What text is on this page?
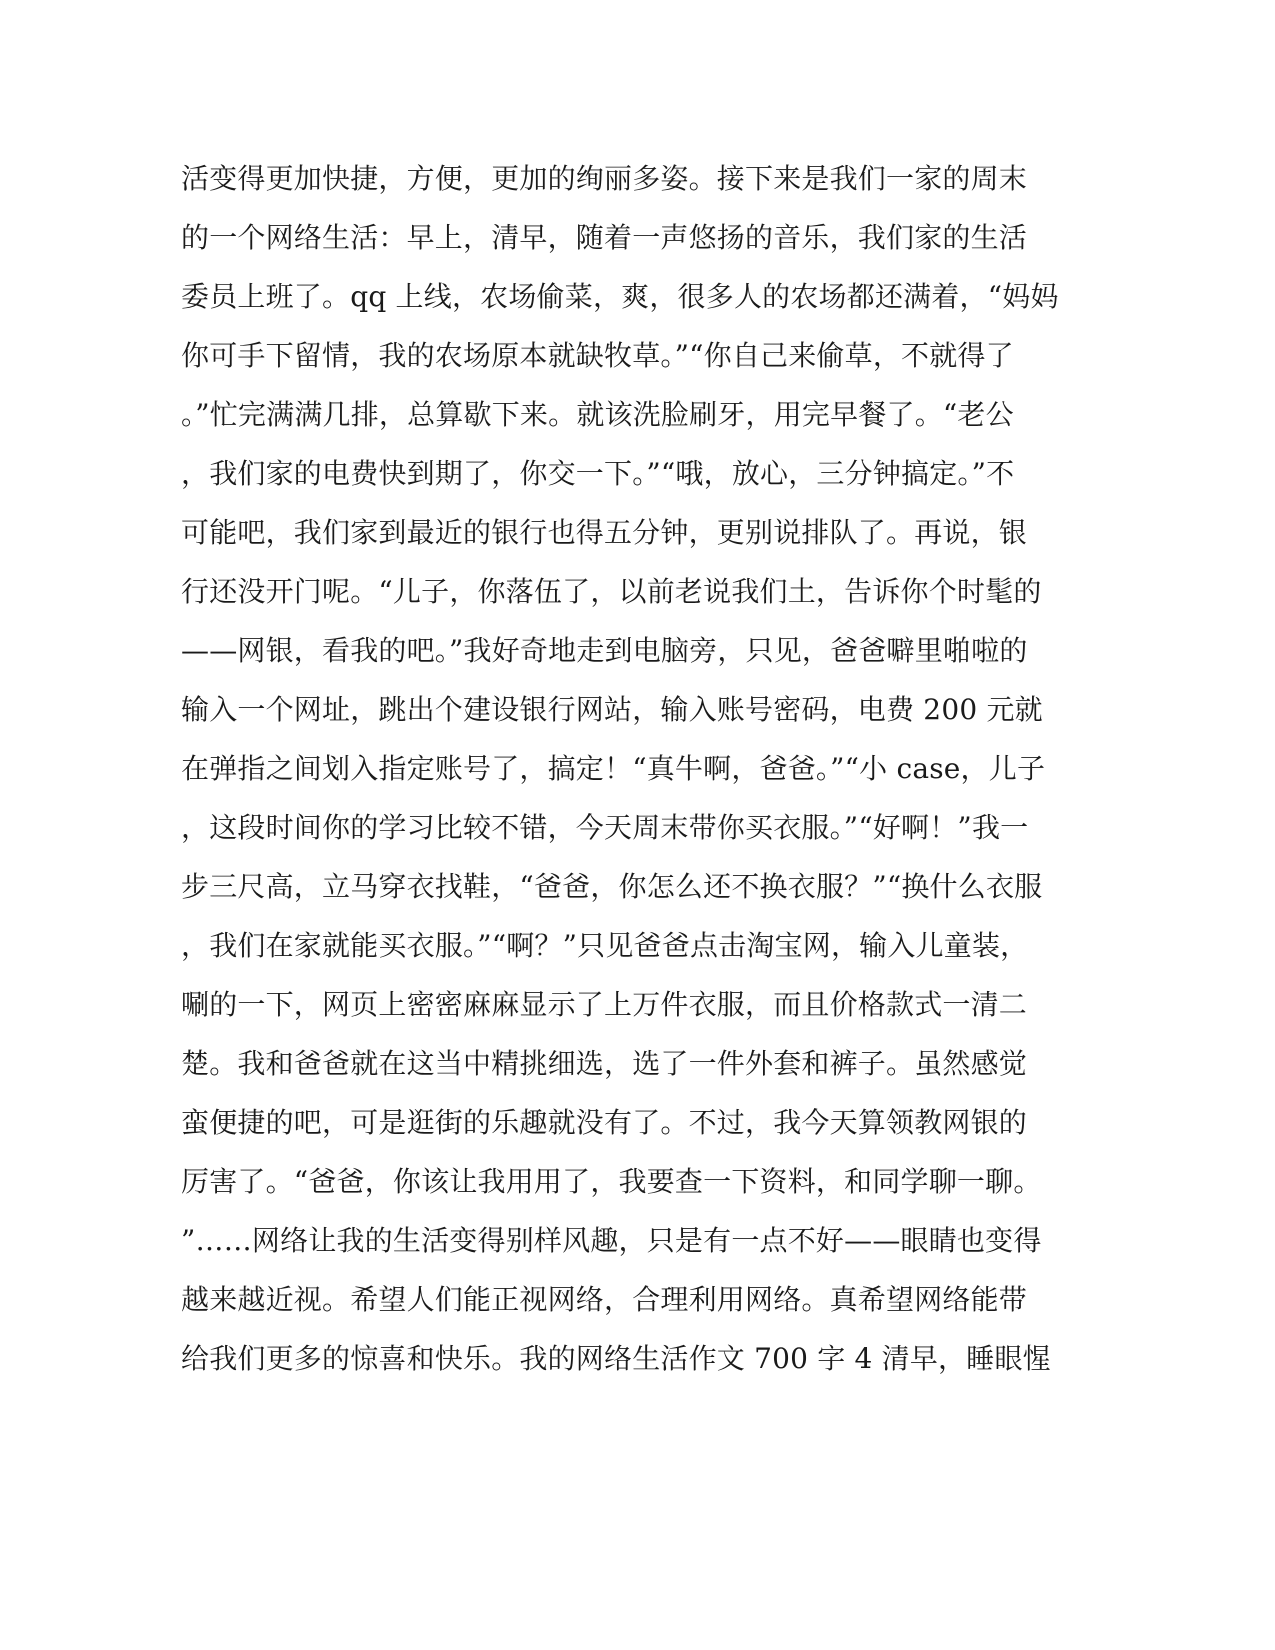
活变得更加快捷，方便，更加的绚丽多姿。接下来是我们一家的周末
的一个网络生活：早上，清早，随着一声悠扬的音乐，我们家的生活
委员上班了。qq 上线，农场偷菜，爽，很多人的农场都还满着，“妈妈
你可手下留情，我的农场原本就缺牧草。”“你自己来偷草，不就得了
。”忙完满满几排，总算歇下来。就该洗脸刷牙，用完早餐了。“老公
，我们家的电费快到期了，你交一下。”“哦，放心，三分钟搞定。”不
可能吧，我们家到最近的银行也得五分钟，更别说排队了。再说，银
行还没开门呢。“儿子，你落伍了，以前老说我们土，告诉你个时髦的
——网银，看我的吧。”我好奇地走到电脑旁，只见，爸爸噼里啪啦的
输入一个网址，跳出个建设银行网站，输入账号密码，电费 200 元就
在弹指之间划入指定账号了，搞定！“真牛啊，爸爸。”“小 case，儿子
，这段时间你的学习比较不错，今天周末带你买衣服。”“好啊！”我一
步三尺高，立马穿衣找鞋，“爸爸，你怎么还不换衣服？”“换什么衣服
，我们在家就能买衣服。”“啊？”只见爸爸点击淘宝网，输入儿童装，
唰的一下，网页上密密麻麻显示了上万件衣服，而且价格款式一清二
楚。我和爸爸就在这当中精挑细选，选了一件外套和裤子。虽然感觉
蛮便捷的吧，可是逛街的乐趣就没有了。不过，我今天算领教网银的
厉害了。“爸爸，你该让我用用了，我要查一下资料，和同学聊一聊。
”……网络让我的生活变得别样风趣，只是有一点不好——眼睛也变得
越来越近视。希望人们能正视网络，合理利用网络。真希望网络能带
给我们更多的惊喜和快乐。我的网络生活作文 700 字 4 清早，睡眼惺
